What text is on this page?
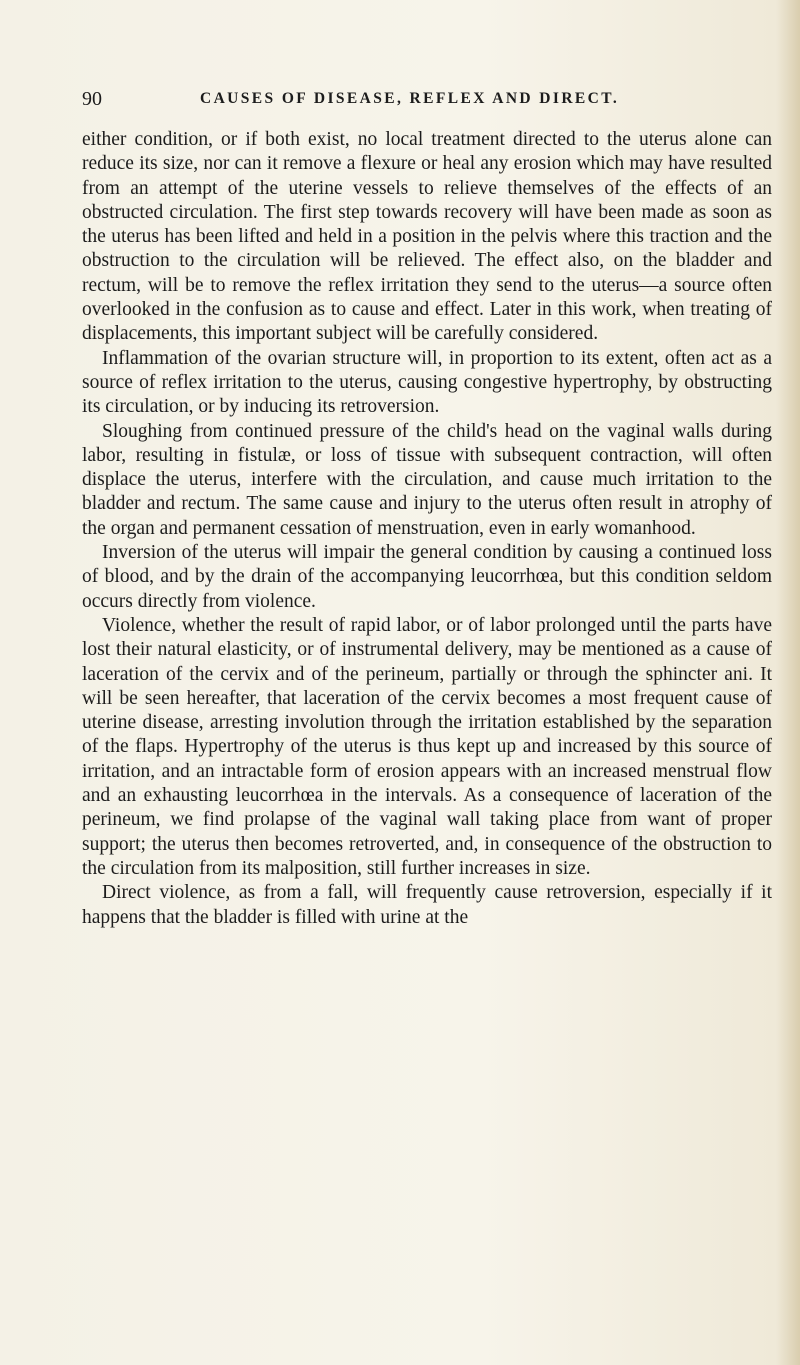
90	CAUSES OF DISEASE, REFLEX AND DIRECT.

either condition, or if both exist, no local treatment directed to the uterus alone can reduce its size, nor can it remove a flexure or heal any erosion which may have resulted from an attempt of the uterine vessels to relieve themselves of the effects of an obstructed circulation. The first step towards recovery will have been made as soon as the uterus has been lifted and held in a position in the pelvis where this traction and the obstruction to the circulation will be relieved. The effect also, on the bladder and rectum, will be to remove the reflex irritation they send to the uterus—a source often overlooked in the confusion as to cause and effect. Later in this work, when treating of displacements, this important subject will be carefully considered.

Inflammation of the ovarian structure will, in proportion to its extent, often act as a source of reflex irritation to the uterus, causing congestive hypertrophy, by obstructing its circulation, or by inducing its retroversion.

Sloughing from continued pressure of the child's head on the vaginal walls during labor, resulting in fistulæ, or loss of tissue with subsequent contraction, will often displace the uterus, interfere with the circulation, and cause much irritation to the bladder and rectum. The same cause and injury to the uterus often result in atrophy of the organ and permanent cessation of menstruation, even in early womanhood.

Inversion of the uterus will impair the general condition by causing a continued loss of blood, and by the drain of the accompanying leucorrhœa, but this condition seldom occurs directly from violence.

Violence, whether the result of rapid labor, or of labor prolonged until the parts have lost their natural elasticity, or of instrumental delivery, may be mentioned as a cause of laceration of the cervix and of the perineum, partially or through the sphincter ani. It will be seen hereafter, that laceration of the cervix becomes a most frequent cause of uterine disease, arresting involution through the irritation established by the separation of the flaps. Hypertrophy of the uterus is thus kept up and increased by this source of irritation, and an intractable form of erosion appears with an increased menstrual flow and an exhausting leucorrhœa in the intervals. As a consequence of laceration of the perineum, we find prolapse of the vaginal wall taking place from want of proper support; the uterus then becomes retroverted, and, in consequence of the obstruction to the circulation from its malposition, still further increases in size.

Direct violence, as from a fall, will frequently cause retroversion, especially if it happens that the bladder is filled with urine at the
